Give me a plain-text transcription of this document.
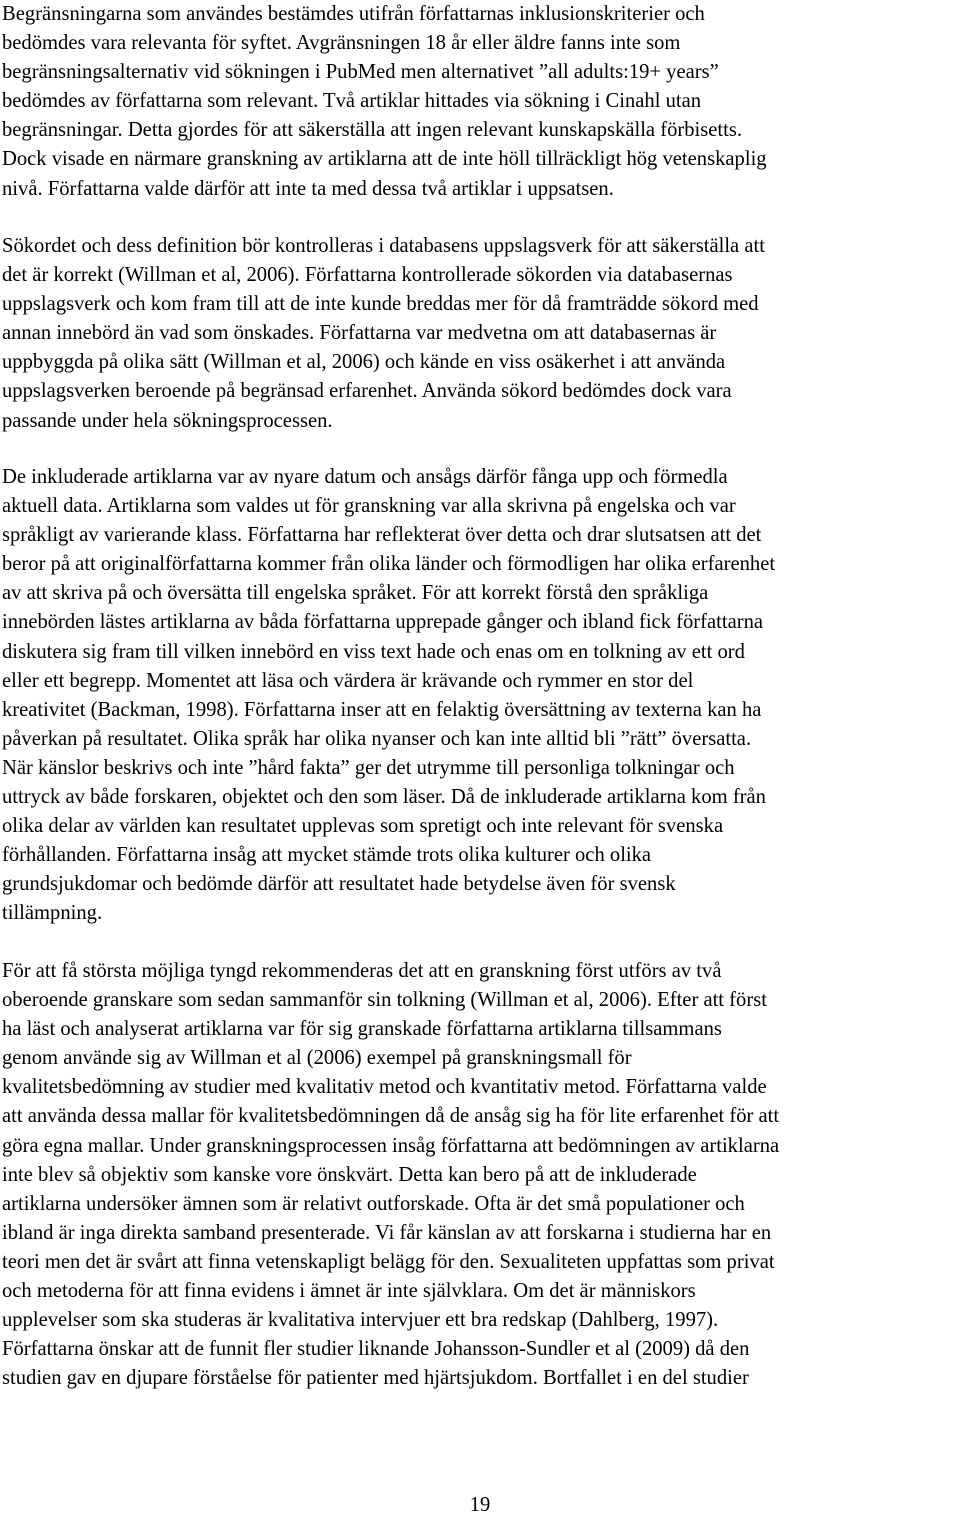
Begränsningarna som användes bestämdes utifrån författarnas inklusionskriterier och
bedömdes vara relevanta för syftet. Avgränsningen 18 år eller äldre fanns inte som
begränsningsalternativ vid sökningen i PubMed men alternativet ”all adults:19+ years”
bedömdes av författarna som relevant. Två artiklar hittades via sökning i Cinahl utan
begränsningar. Detta gjordes för att säkerställa att ingen relevant kunskapskälla förbisetts.
Dock visade en närmare granskning av artiklarna att de inte höll tillräckligt hög vetenskaplig
nivå. Författarna valde därför att inte ta med dessa två artiklar i uppsatsen.
Sökordet och dess definition bör kontrolleras i databasens uppslagsverk för att säkerställa att
det är korrekt (Willman et al, 2006). Författarna kontrollerade sökorden via databasernas
uppslagsverk och kom fram till att de inte kunde breddas mer för då framträdde sökord med
annan innebörd än vad som önskades. Författarna var medvetna om att databasernas är
uppbyggda på olika sätt (Willman et al, 2006) och kände en viss osäkerhet i att använda
uppslagsverken beroende på begränsad erfarenhet. Använda sökord bedömdes dock vara
passande under hela sökningsprocessen.
De inkluderade artiklarna var av nyare datum och ansågs därför fånga upp och förmedla
aktuell data. Artiklarna som valdes ut för granskning var alla skrivna på engelska och var
språkligt av varierande klass. Författarna har reflekterat över detta och drar slutsatsen att det
beror på att originalförfattarna kommer från olika länder och förmodligen har olika erfarenhet
av att skriva på och översätta till engelska språket. För att korrekt förstå den språkliga
innebörden lästes artiklarna av båda författarna upprepade gånger och ibland fick författarna
diskutera sig fram till vilken innebörd en viss text hade och enas om en tolkning av ett ord
eller ett begrepp. Momentet att läsa och värdera är krävande och rymmer en stor del
kreativitet (Backman, 1998). Författarna inser att en felaktig översättning av texterna kan ha
påverkan på resultatet. Olika språk har olika nyanser och kan inte alltid bli ”rätt” översatta.
När känslor beskrivs och inte ”hård fakta” ger det utrymme till personliga tolkningar och
uttryck av både forskaren, objektet och den som läser. Då de inkluderade artiklarna kom från
olika delar av världen kan resultatet upplevas som spretigt och inte relevant för svenska
förhållanden. Författarna insåg att mycket stämde trots olika kulturer och olika
grundsjukdomar och bedömde därför att resultatet hade betydelse även för svensk
tillämpning.
För att få största möjliga tyngd rekommenderas det att en granskning först utförs av två
oberoende granskare som sedan sammanför sin tolkning (Willman et al, 2006). Efter att först
ha läst och analyserat artiklarna var för sig granskade författarna artiklarna tillsammans
genom använde sig av Willman et al (2006) exempel på granskningsmall för
kvalitetsbedömning av studier med kvalitativ metod och kvantitativ metod. Författarna valde
att använda dessa mallar för kvalitetsbedömningen då de ansåg sig ha för lite erfarenhet för att
göra egna mallar. Under granskningsprocessen insåg författarna att bedömningen av artiklarna
inte blev så objektiv som kanske vore önskvärt. Detta kan bero på att de inkluderade
artiklarna undersöker ämnen som är relativt outforskade. Ofta är det små populationer och
ibland är inga direkta samband presenterade. Vi får känslan av att forskarna i studierna har en
teori men det är svårt att finna vetenskapligt belägg för den. Sexualiteten uppfattas som privat
och metoderna för att finna evidens i ämnet är inte självklara. Om det är människors
upplevelser som ska studeras är kvalitativa intervjuer ett bra redskap (Dahlberg, 1997).
Författarna önskar att de funnit fler studier liknande Johansson-Sundler et al (2009) då den
studien gav en djupare förståelse för patienter med hjärtsjukdom. Bortfallet i en del studier
19
